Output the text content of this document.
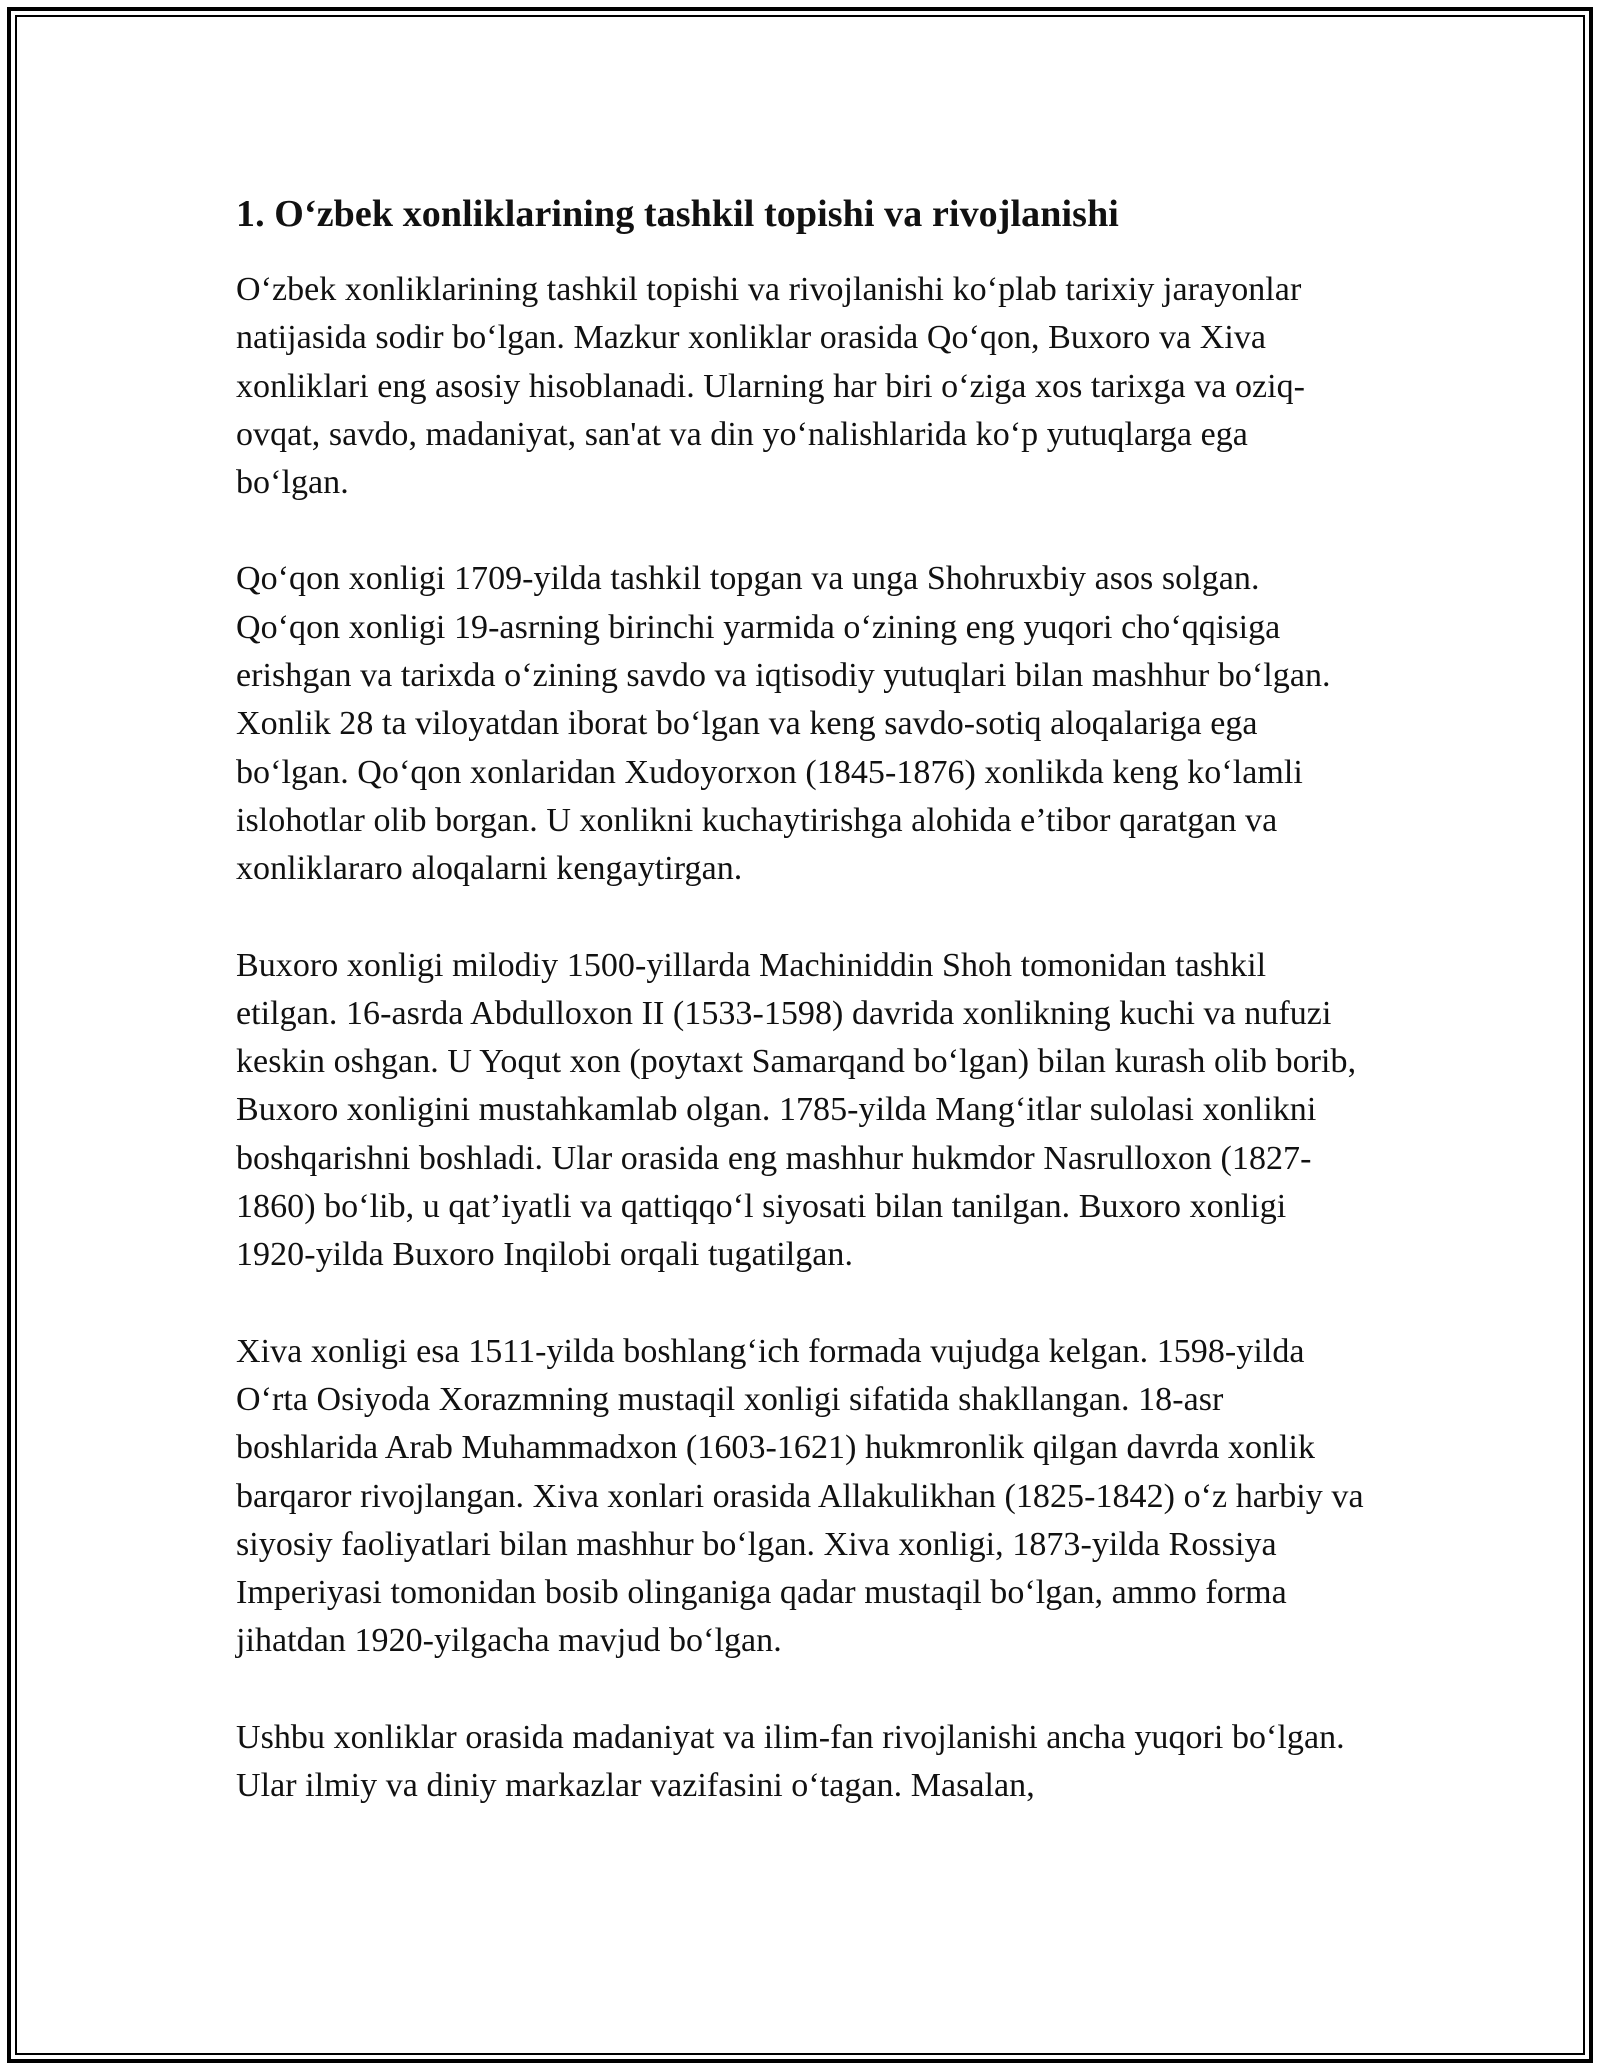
1. O‘zbek xonliklarining tashkil topishi va rivojlanishi

O‘zbek xonliklarining tashkil topishi va rivojlanishi ko‘plab tarixiy jarayonlar natijasida sodir bo‘lgan. Mazkur xonliklar orasida Qo‘qon, Buxoro va Xiva xonliklari eng asosiy hisoblanadi. Ularning har biri o‘ziga xos tarixga va oziq-ovqat, savdo, madaniyat, san'at va din yo‘nalishlarida ko‘p yutuqlarga ega bo‘lgan.

Qo‘qon xonligi 1709-yilda tashkil topgan va unga Shohruxbiy asos solgan. Qo‘qon xonligi 19-asrning birinchi yarmida o‘zining eng yuqori cho‘qqisiga erishgan va tarixda o‘zining savdo va iqtisodiy yutuqlari bilan mashhur bo‘lgan. Xonlik 28 ta viloyatdan iborat bo‘lgan va keng savdo-sotiq aloqalariga ega bo‘lgan. Qo‘qon xonlaridan Xudoyorxon (1845-1876) xonlikda keng ko‘lamli islohotlar olib borgan. U xonlikni kuchaytirishga alohida e’tibor qaratgan va xonliklararo aloqalarni kengaytirgan.

Buxoro xonligi milodiy 1500-yillarda Machiniddin Shoh tomonidan tashkil etilgan. 16-asrda Abdulloxon II (1533-1598) davrida xonlikning kuchi va nufuzi keskin oshgan. U Yoqut xon (poytaxt Samarqand bo‘lgan) bilan kurash olib borib, Buxoro xonligini mustahkamlab olgan. 1785-yilda Mang‘itlar sulolasi xonlikni boshqarishni boshladi. Ular orasida eng mashhur hukmdor Nasrulloxon (1827-1860) bo‘lib, u qat’iyatli va qattiqqo‘l siyosati bilan tanilgan. Buxoro xonligi 1920-yilda Buxoro Inqilobi orqali tugatilgan.

Xiva xonligi esa 1511-yilda boshlang‘ich formada vujudga kelgan. 1598-yilda O‘rta Osiyoda Xorazmning mustaqil xonligi sifatida shakllangan. 18-asr boshlarida Arab Muhammadxon (1603-1621) hukmronlik qilgan davrda xonlik barqaror rivojlangan. Xiva xonlari orasida Allakulikhan (1825-1842) o‘z harbiy va siyosiy faoliyatlari bilan mashhur bo‘lgan. Xiva xonligi, 1873-yilda Rossiya Imperiyasi tomonidan bosib olinganiga qadar mustaqil bo‘lgan, ammo forma jihatdan 1920-yilgacha mavjud bo‘lgan.

Ushbu xonliklar orasida madaniyat va ilim-fan rivojlanishi ancha yuqori bo‘lgan. Ular ilmiy va diniy markazlar vazifasini o‘tagan. Masalan,
